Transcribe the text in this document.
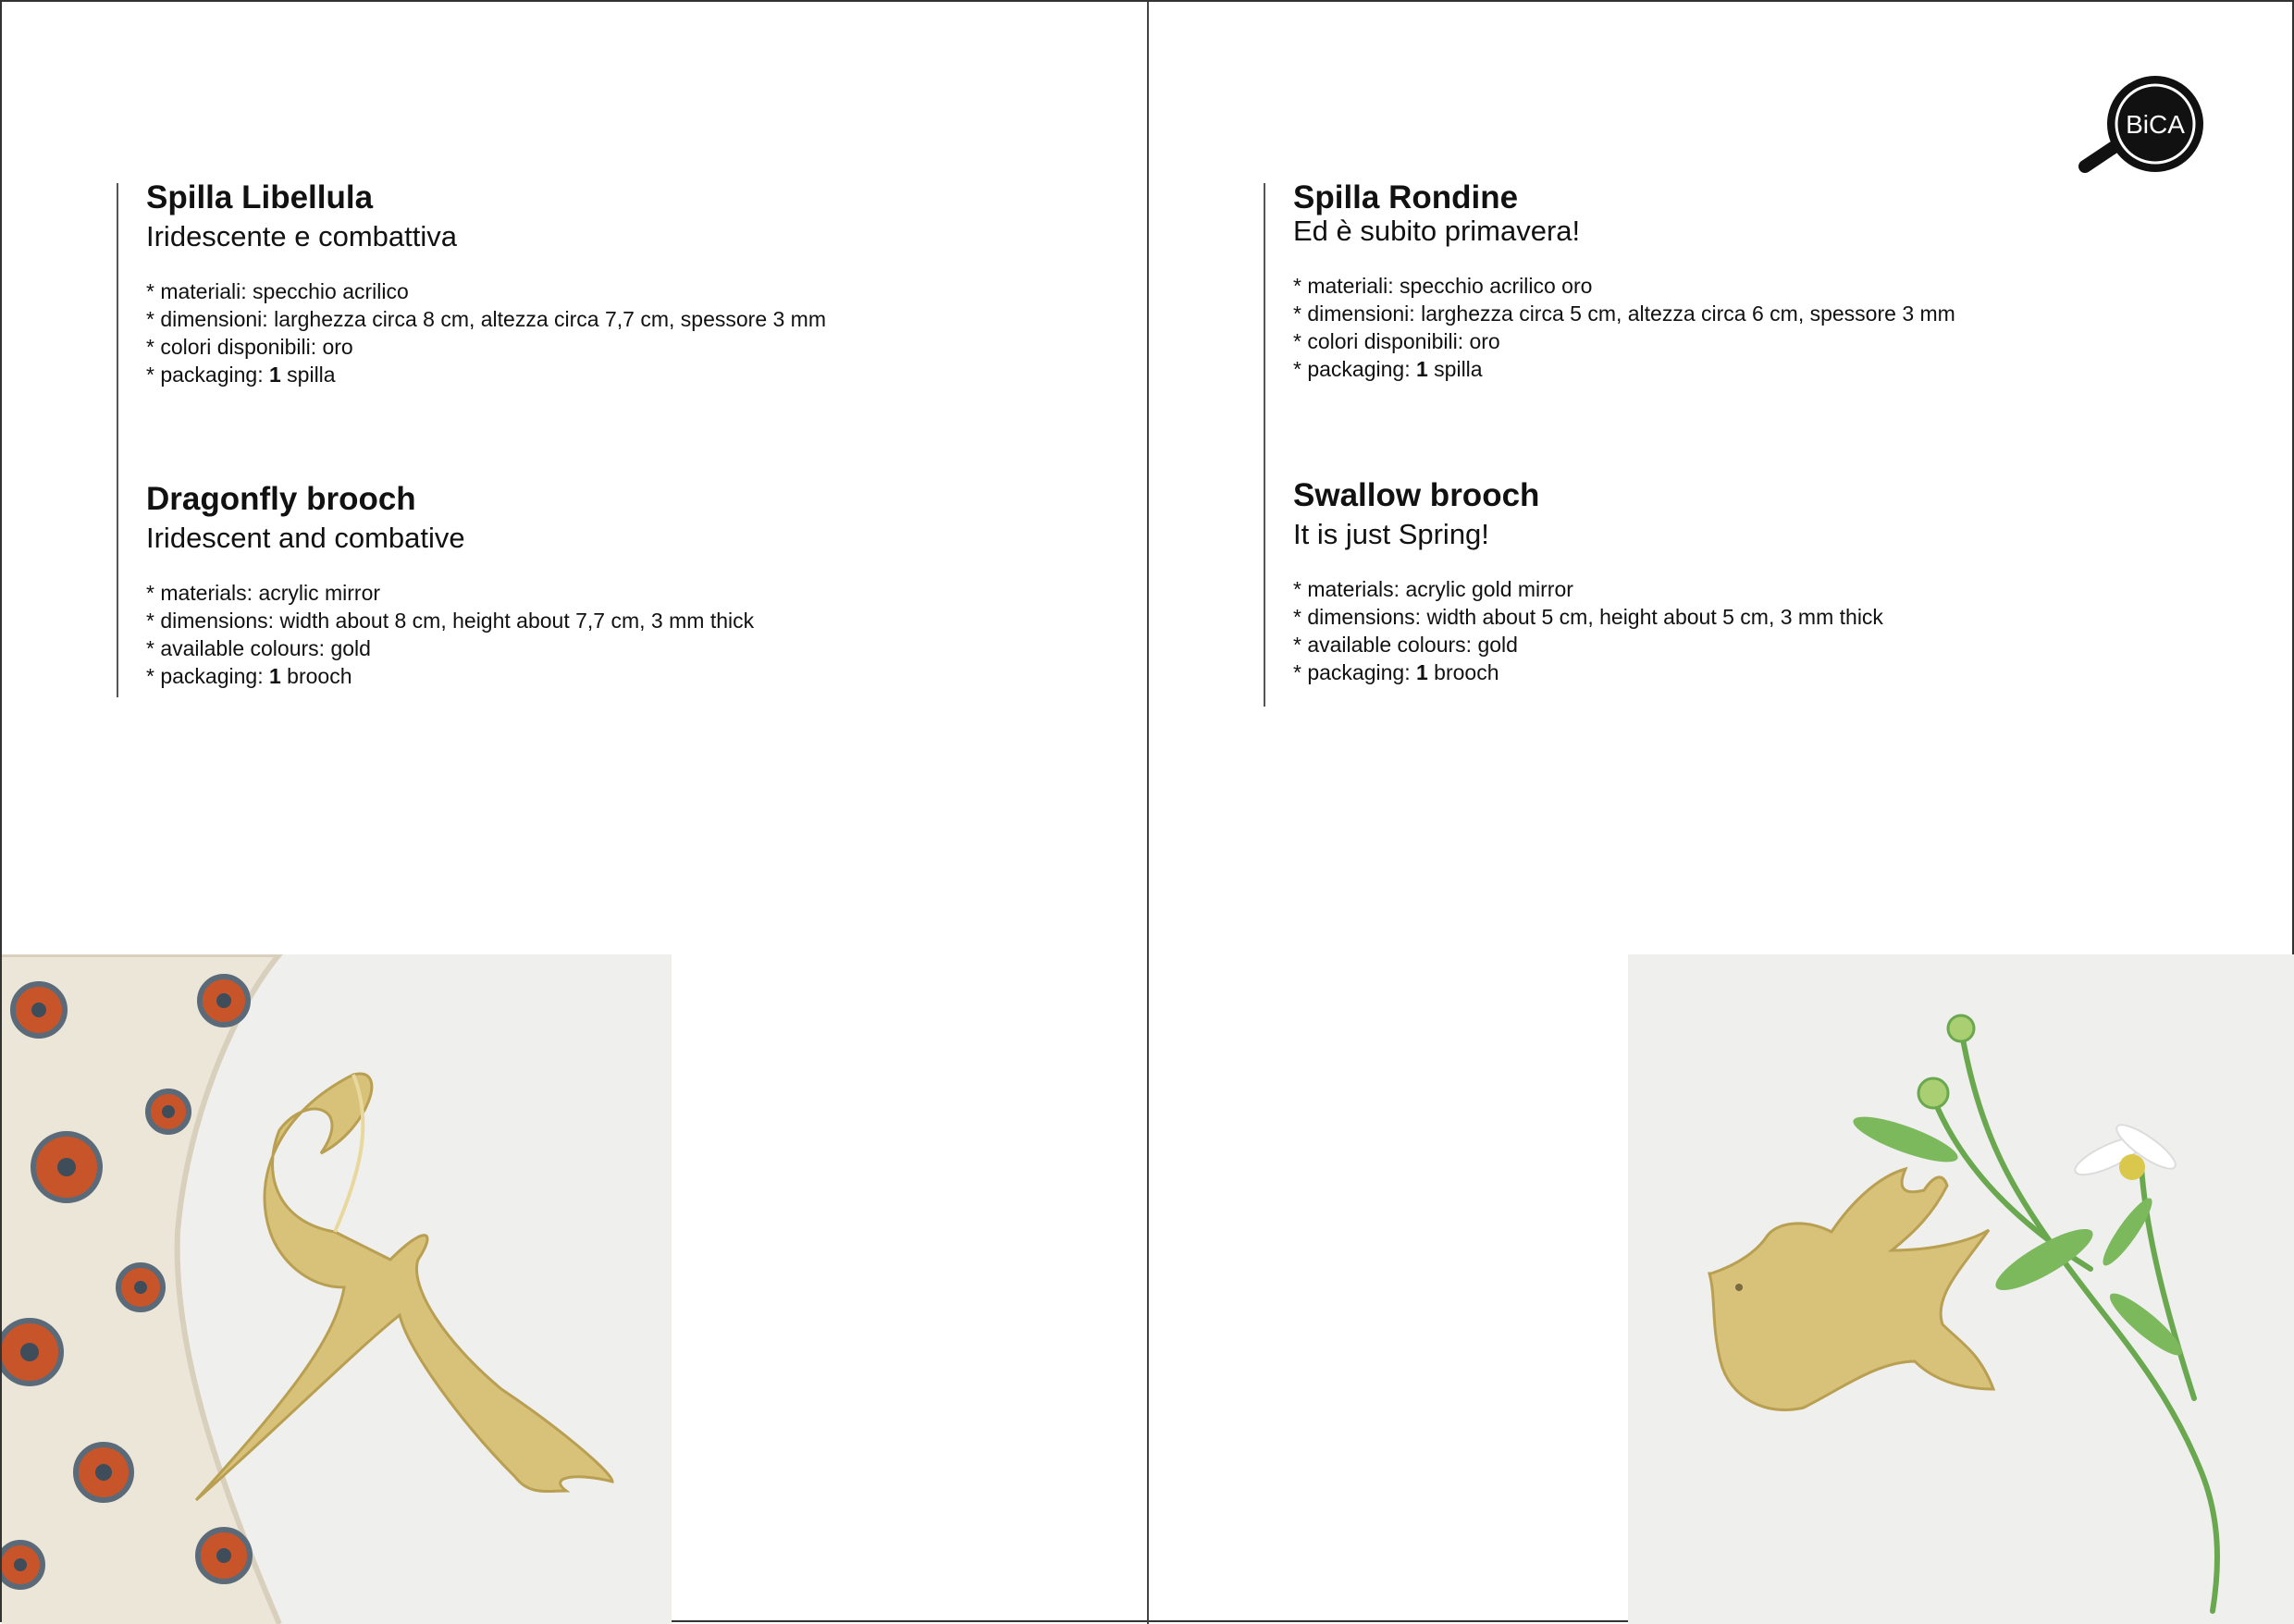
Spilla Libellula

Iridescente e combattiva

* materiali: specchio acrilico

* dimensioni: larghezza circa 8 cm, altezza circa 7,7 cm, spessore 3 mm

* colori disponibili: oro

* packaging: 1 spilla

Dragonfly brooch

Iridescent and combative

* materials: acrylic mirror

* dimensions: width about 8 cm, height about 7,7 cm, 3 mm thick

* available colours: gold

* packaging: 1 brooch

Spilla Rondine

Ed è subito primavera!

* materiali: specchio acrilico oro

* dimensioni: larghezza circa 5 cm, altezza circa 6 cm, spessore 3 mm

* colori disponibili: oro

* packaging: 1 spilla

Swallow brooch

It is just Spring!

* materials: acrylic gold mirror

* dimensions: width about 5 cm, height about 5 cm, 3 mm thick

* available colours: gold

* packaging: 1 brooch

BiCA
